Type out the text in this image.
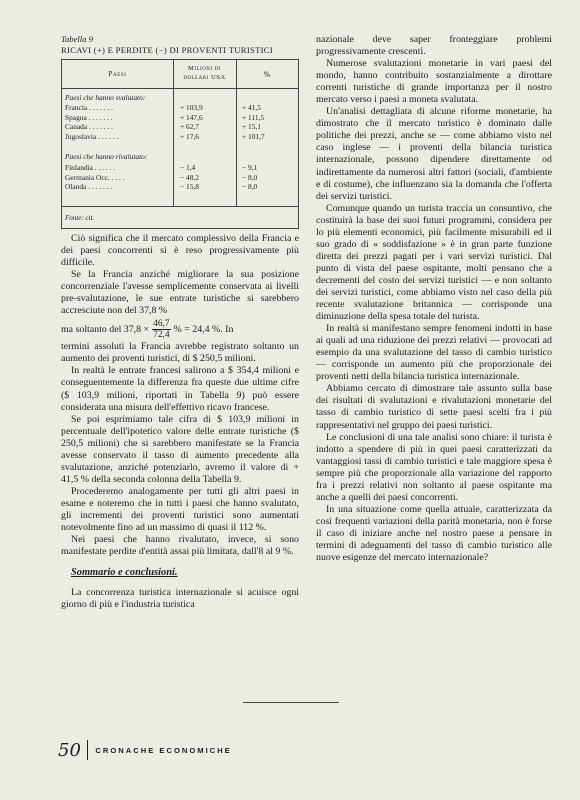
Tabella 9
RICAVI (+) E PERDITE (−) DI PROVENTI TURISTICI
Paesi
Milioni di
dollari USA	%
Paesi che hanno svalutato:
Francia . . . . . . .	+ 103,9	+ 41,5
Spagna . . . . . . .	+ 147,6	+ 111,5
Canada . . . . . . .	+ 62,7	+ 15,1
Jugoslavia . . . . . .	+ 17,6	+ 101,7
Paesi che hanno rivalutato:
Finlandia . . . . . .	− 1,4	− 9,1
Germania Occ. . . . .	− 48,2	− 8,0
Olanda . . . . . . .	− 15,8	− 8,0
Fonte: cit.

Ciò significa che il mercato complessivo della Francia e dei paesi concorrenti si è reso progressivamente più difficile.

Se la Francia anziché migliorare la sua posizione concorrenziale l'avesse semplicemente conservata ai livelli pre-svalutazione, le sue entrate turistiche si sarebbero accresciute non del 37,8 %

ma soltanto del $37,8 \times \frac{46,7}{72,4}$ % = 24,4 %. In

termini assoluti la Francia avrebbe registrato soltanto un aumento dei proventi turistici, di $ 250,5 milioni.

In realtà le entrate francesi salirono a $ 354,4 milioni e conseguentemente la differenza fra queste due ultime cifre ($ 103,9 milioni, riportati in Tabella 9) può essere considerata una misura dell'effettivo ricavo francese.

Se poi esprimiamo tale cifra di $ 103,9 milioni in percentuale dell'ipotetico valore delle entrate turistiche ($ 250,5 milioni) che si sarebbero manifestate se la Francia avesse conservato il tasso di aumento precedente alla svalutazione, anziché potenziarlo, avremo il valore di + 41,5 % della seconda colonna della Tabella 9.

Procederemo analogamente per tutti gli altri paesi in esame e noteremo che in tutti i paesi che hanno svalutato, gli incrementi dei proventi turistici sono aumentati notevolmente fino ad un massimo di quasi il 112 %.

Nei paesi che hanno rivalutato, invece, si sono manifestate perdite d'entità assai più limitata, dall'8 al 9 %.

Sommario e conclusioni.

La concorrenza turistica internazionale si acuisce ogni giorno di più e l'industria turistica

nazionale deve saper fronteggiare problemi progressivamente crescenti.

Numerose svalutazioni monetarie in vari paesi del mondo, hanno contribuito sostanzialmente a dirottare correnti turistiche di grande importanza per il nostro mercato verso i paesi a moneta svalutata.

Un'analisi dettagliata di alcune riforme monetarie, ha dimostrato che il mercato turistico è dominato dalle politiche dei prezzi, anche se — come abbiamo visto nel caso inglese — i proventi della bilancia turistica internazionale, possono dipendere direttamente od indirettamente da numerosi altri fattori (sociali, d'ambiente e di costume), che influenzano sia la domanda che l'offerta dei servizi turistici.

Comunque quando un turista traccia un consuntivo, che costituirà la base dei suoi futuri programmi, considera per lo più elementi economici, più facilmente misurabili ed il suo grado di « soddisfazione » è in gran parte funzione diretta dei prezzi pagati per i vari servizi turistici. Dal punto di vista del paese ospitante, molti pensano che a decrementi del costo dei servizi turistici — e non soltanto dei servizi turistici, come abbiamo visto nel caso della più recente svalutazione britannica — corrisponde una diminuzione della spesa totale del turista.

In realtà si manifestano sempre fenomeni indotti in base ai quali ad una riduzione dei prezzi relativi — provocati ad esempio da una svalutazione del tasso di cambio turistico — corrisponde un aumento più che proporzionale dei proventi netti della bilancia turistica internazionale.

Abbiamo cercato di dimostrare tale assunto sulla base dei risultati di svalutazioni e rivalutazioni monetarie del tasso di cambio turistico di sette paesi scelti fra i più rappresentativi nel gruppo dei paesi turistici.

Le conclusioni di una tale analisi sono chiare: il turista è indotto a spendere di più in quei paesi caratterizzati da vantaggiosi tassi di cambio turistici e tale maggiore spesa è sempre più che proporzionale alla variazione del rapporto fra i prezzi relativi non soltanto al paese ospitante ma anche a quelli dei paesi concorrenti.

In una situazione come quella attuale, caratterizzata da così frequenti variazioni della parità monetaria, non è forse il caso di iniziare anche nel nostro paese a pensare in termini di adeguamenti del tasso di cambio turistico alle nuove esigenze del mercato internazionale?

50 CRONACHE ECONOMICHE
